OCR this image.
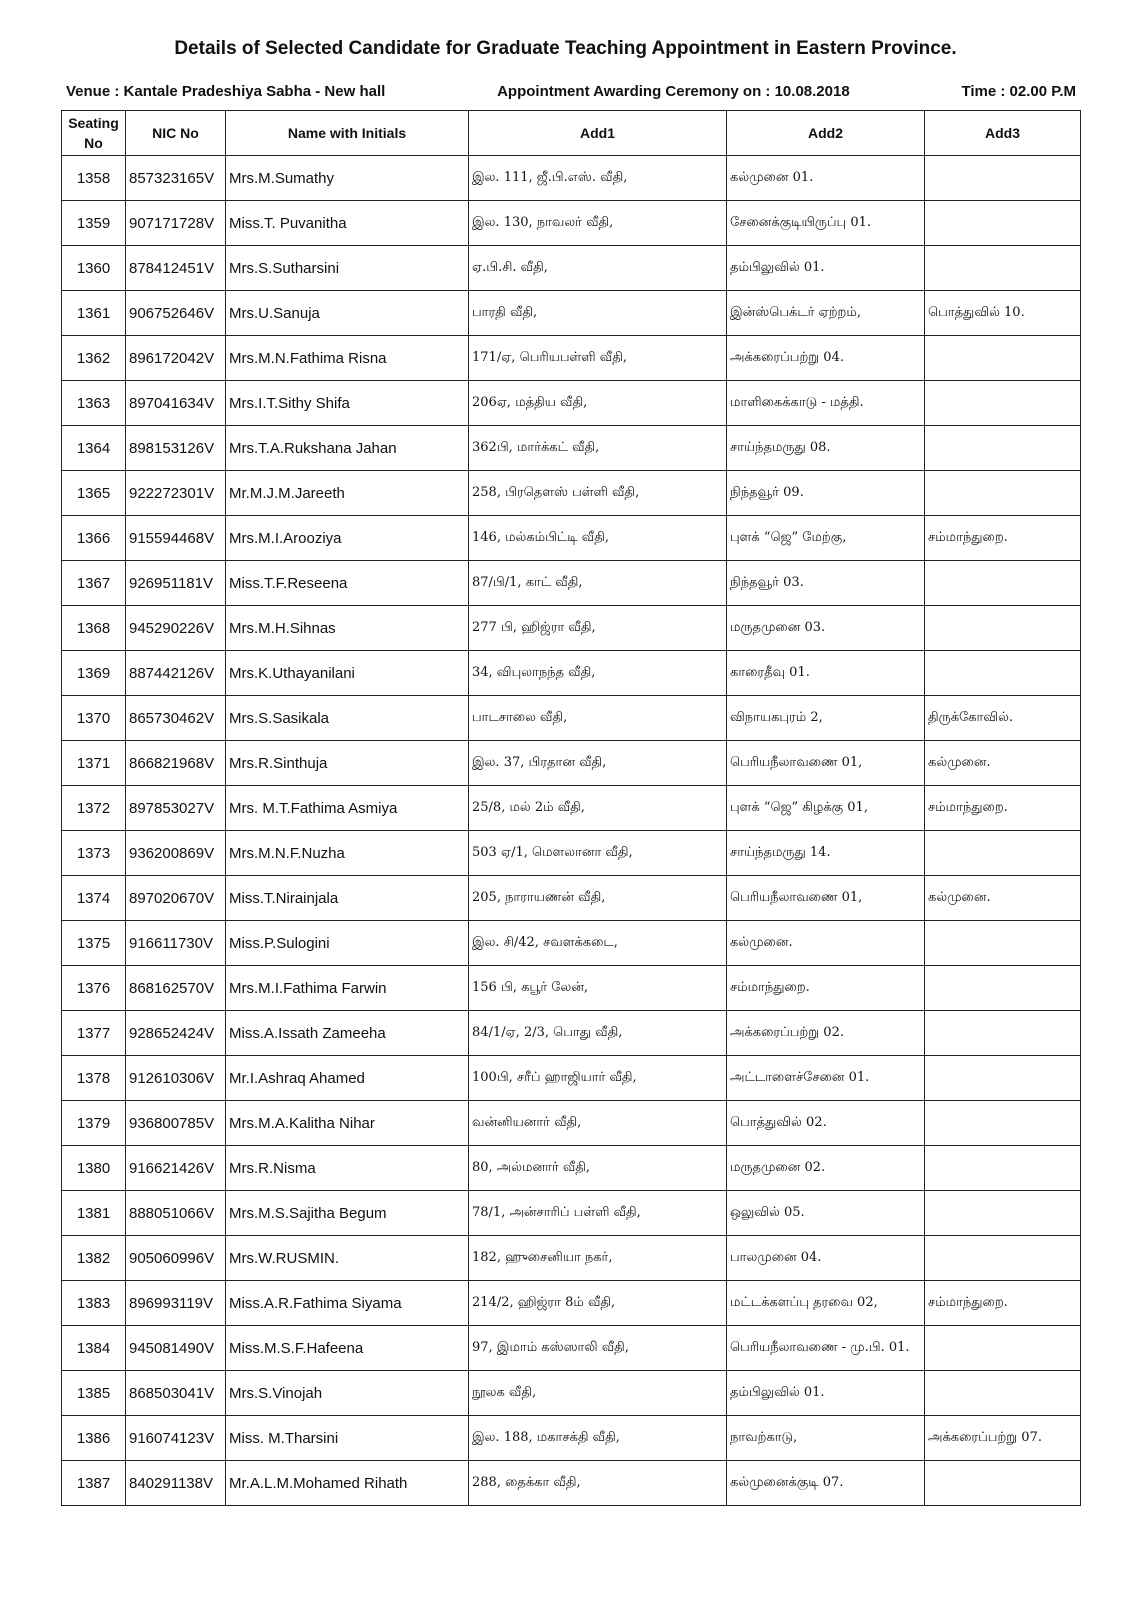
Details of Selected Candidate for Graduate Teaching Appointment in Eastern Province.
Venue : Kantale Pradeshiya Sabha - New hall	Appointment Awarding Ceremony on : 10.08.2018	Time : 02.00 P.M
Seating No	NIC No	Name with Initials	Add1	Add2	Add3
1358	857323165V	Mrs.M.Sumathy	இல. 111, ஜீ.பி.எஸ். வீதி,	கல்முனை 01.	
1359	907171728V	Miss.T. Puvanitha	இல. 130, நாவலர் வீதி,	சேனைக்குடியிருப்பு 01.	
1360	878412451V	Mrs.S.Sutharsini	ஏ.பி.சி. வீதி,	தம்பிலுவில் 01.	
1361	906752646V	Mrs.U.Sanuja	பாரதி வீதி,	இன்ஸ்பெக்டர் ஏற்றம்,	பொத்துவில் 10.
1362	896172042V	Mrs.M.N.Fathima Risna	171/ஏ, பெரியபள்ளி வீதி,	அக்கரைப்பற்று 04.	
1363	897041634V	Mrs.I.T.Sithy Shifa	206ஏ, மத்திய வீதி,	மாளிகைக்காடு - மத்தி.	
1364	898153126V	Mrs.T.A.Rukshana Jahan	362பி, மார்க்கட் வீதி,	சாய்ந்தமருது 08.	
1365	922272301V	Mr.M.J.M.Jareeth	258, பிரதௌஸ் பள்ளி வீதி,	நிந்தவூர் 09.	
1366	915594468V	Mrs.M.I.Arooziya	146, மல்கம்பிட்டி வீதி,	புளக் “ஜெ” மேற்கு,	சம்மாந்துறை.
1367	926951181V	Miss.T.F.Reseena	87/பி/1, காட் வீதி,	நிந்தவூர் 03.	
1368	945290226V	Mrs.M.H.Sihnas	277 பி, ஹிஜ்ரா வீதி,	மருதமுனை 03.	
1369	887442126V	Mrs.K.Uthayanilani	34, விபுலாநந்த வீதி,	காரைதீவு 01.	
1370	865730462V	Mrs.S.Sasikala	பாடசாலை வீதி,	விநாயகபுரம் 2,	திருக்கோவில்.
1371	866821968V	Mrs.R.Sinthuja	இல. 37, பிரதான வீதி,	பெரியநீலாவணை 01,	கல்முனை.
1372	897853027V	Mrs. M.T.Fathima Asmiya	25/8, மல் 2ம் வீதி,	புளக் “ஜெ” கிழக்கு 01,	சம்மாந்துறை.
1373	936200869V	Mrs.M.N.F.Nuzha	503 ஏ/1, மௌலானா வீதி,	சாய்ந்தமருது 14.	
1374	897020670V	Miss.T.Nirainjala	205, நாராயணன் வீதி,	பெரியநீலாவணை 01,	கல்முனை.
1375	916611730V	Miss.P.Sulogini	இல. சி/42, சவளக்கடை,	கல்முனை.	
1376	868162570V	Mrs.M.I.Fathima Farwin	156 பி, கபூர் லேன்,	சம்மாந்துறை.	
1377	928652424V	Miss.A.Issath Zameeha	84/1/ஏ, 2/3, பொது வீதி,	அக்கரைப்பற்று 02.	
1378	912610306V	Mr.I.Ashraq Ahamed	100பி, சரீப் ஹாஜியார் வீதி,	அட்டாளைச்சேனை 01.	
1379	936800785V	Mrs.M.A.Kalitha Nihar	வன்னியனார் வீதி,	பொத்துவில் 02.	
1380	916621426V	Mrs.R.Nisma	80, அல்மனார் வீதி,	மருதமுனை 02.	
1381	888051066V	Mrs.M.S.Sajitha Begum	78/1, அன்சாரிப் பள்ளி வீதி,	ஒலுவில் 05.	
1382	905060996V	Mrs.W.RUSMIN.	182, ஹுசைனியா நகர்,	பாலமுனை 04.	
1383	896993119V	Miss.A.R.Fathima Siyama	214/2, ஹிஜ்ரா 8ம் வீதி,	மட்டக்களப்பு தரவை 02,	சம்மாந்துறை.
1384	945081490V	Miss.M.S.F.Hafeena	97, இமாம் கஸ்ஸாலி வீதி,	பெரியநீலாவணை - மு.பி. 01.	
1385	868503041V	Mrs.S.Vinojah	நூலக வீதி,	தம்பிலுவில் 01.	
1386	916074123V	Miss. M.Tharsini	இல. 188, மகாசக்தி வீதி,	நாவற்காடு,	அக்கரைப்பற்று 07.
1387	840291138V	Mr.A.L.M.Mohamed Rihath	288, தைக்கா வீதி,	கல்முனைக்குடி 07.	
